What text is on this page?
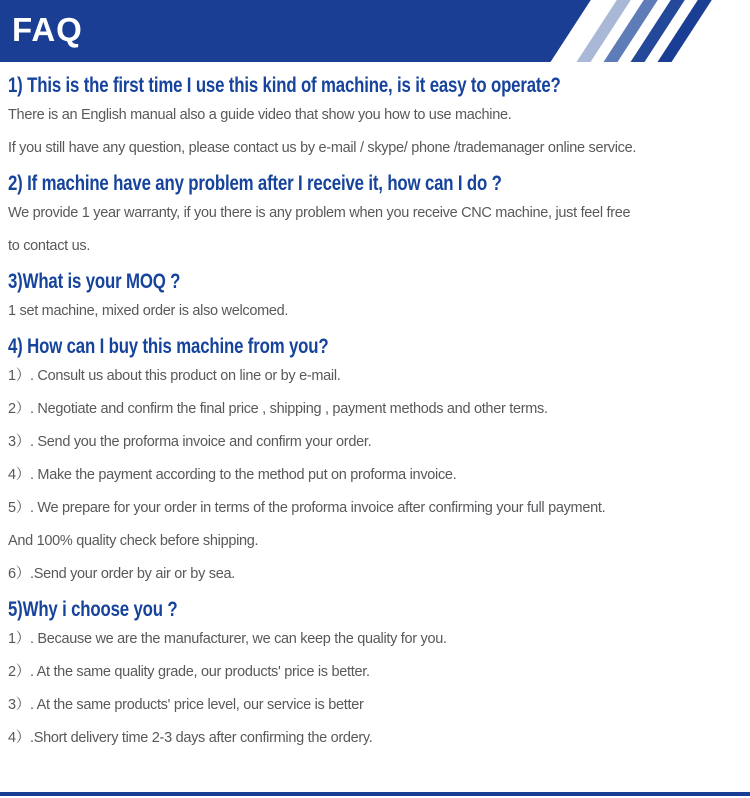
FAQ
1) This is the first time I use this kind of machine, is it easy to operate?

There is an English manual also a guide video that show you how to use machine.

If you still have any question, please contact us by e-mail / skype/ phone /trademanager online service.

2) If machine have any problem after I receive it, how can I do ?

We provide 1 year warranty, if you there is any problem when you receive CNC machine, just feel free

to contact us.

3)What is your MOQ ?

1 set machine, mixed order is also welcomed.

4) How can I buy this machine from you?

1）. Consult us about this product on line or by e-mail.

2）. Negotiate and confirm the final price , shipping , payment methods and other terms.

3）. Send you the proforma invoice and confirm your order.

4）. Make the payment according to the method put on proforma invoice.

5）. We prepare for your order in terms of the proforma invoice after confirming your full payment.

And 100% quality check before shipping.

6）.Send your order by air or by sea.

5)Why i choose you ?

1）. Because we are the manufacturer, we can keep the quality for you.

2）. At the same quality grade, our products' price is better.

3）. At the same products' price level, our service is better

4）.Short delivery time 2-3 days after confirming the ordery.
